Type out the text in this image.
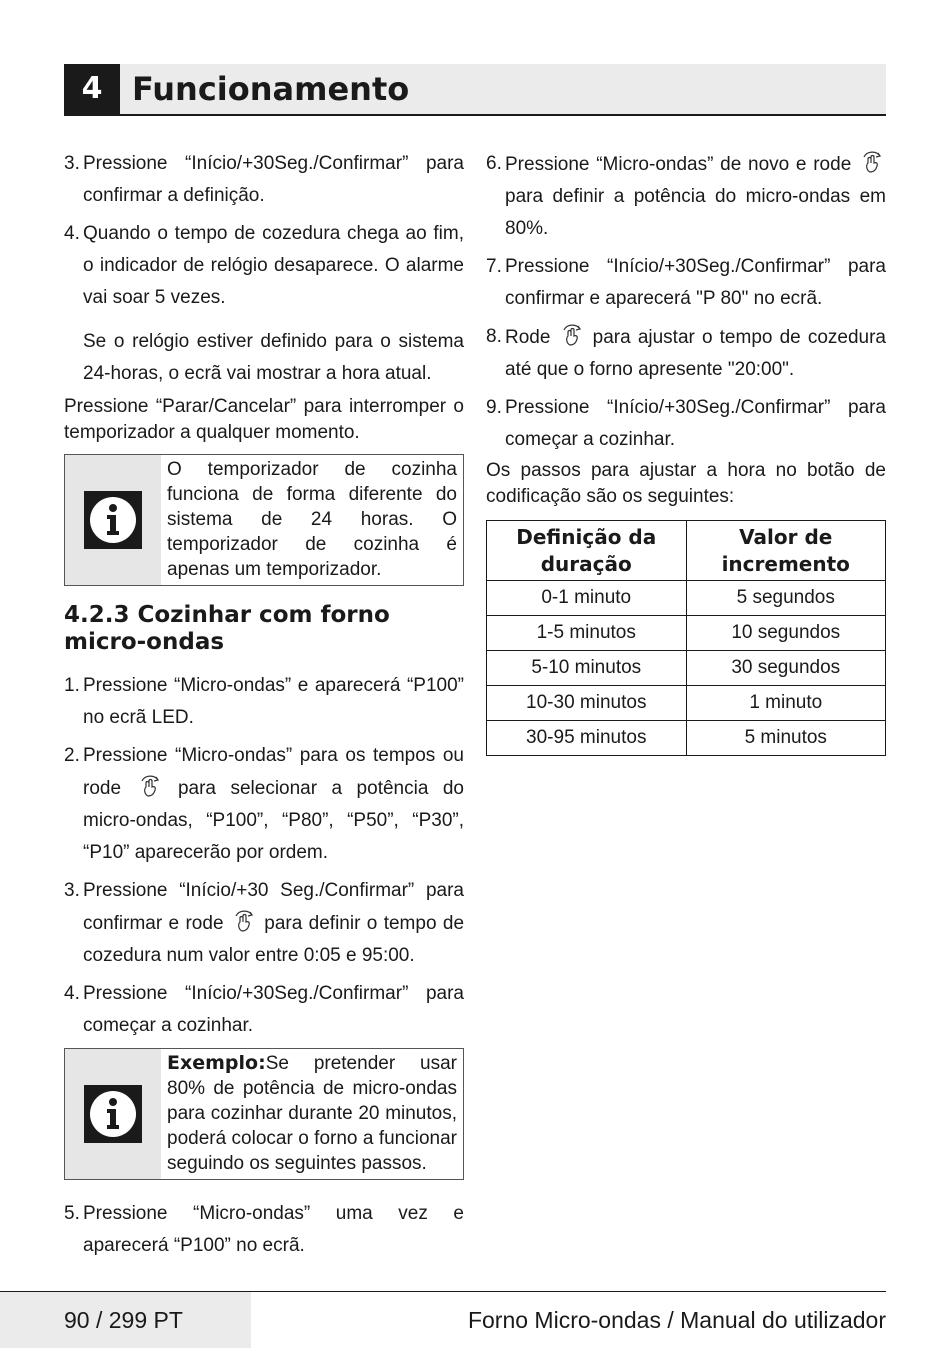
4 Funcionamento
3. Pressione “Início/+30Seg./Confirmar” para confirmar a definição.
4. Quando o tempo de cozedura chega ao fim, o indicador de relógio desaparece. O alarme vai soar 5 vezes.
Se o relógio estiver definido para o sistema 24-horas, o ecrã vai mostrar a hora atual.
Pressione “Parar/Cancelar” para interromper o temporizador a qualquer momento.
O temporizador de cozinha funciona de forma diferente do sistema de 24 horas. O temporizador de cozinha é apenas um temporizador.
4.2.3 Cozinhar com forno micro-ondas
1. Pressione “Micro-ondas” e aparecerá “P100” no ecrã LED.
2. Pressione “Micro-ondas” para os tempos ou rode	para selecionar a potência do micro-ondas, “P100”, “P80”, “P50”, “P30”, “P10” aparecerão por ordem.
3. Pressione “Início/+30 Seg./Confirmar” para confirmar e rode para definir o tempo de cozedura num valor entre 0:05 e 95:00.
4. Pressione “Início/+30Seg./Confirmar” para começar a cozinhar.
Exemplo:Se pretender usar 80% de potência de micro-ondas para cozinhar durante 20 minutos, poderá colocar o forno a funcionar seguindo os seguintes passos.
5. Pressione “Micro-ondas” uma vez e aparecerá “P100” no ecrã.
6. Pressione “Micro-ondas” de novo e rode  para definir a potência do micro-ondas em 80%.
7. Pressione “Início/+30Seg./Confirmar” para confirmar e aparecerá "P 80" no ecrã.
8. Rode para ajustar o tempo de cozedura até que o forno apresente "20:00".
9. Pressione “Início/+30Seg./Confirmar” para começar a cozinhar.
Os passos para ajustar a hora no botão de codificação são os seguintes:
Definição da duração	Valor de incremento
0-1 minuto	5 segundos
1-5 minutos	10 segundos
5-10 minutos	30 segundos
10-30 minutos	1 minuto
30-95 minutos	5 minutos
90 / 299 PT	Forno Micro-ondas / Manual do utilizador
